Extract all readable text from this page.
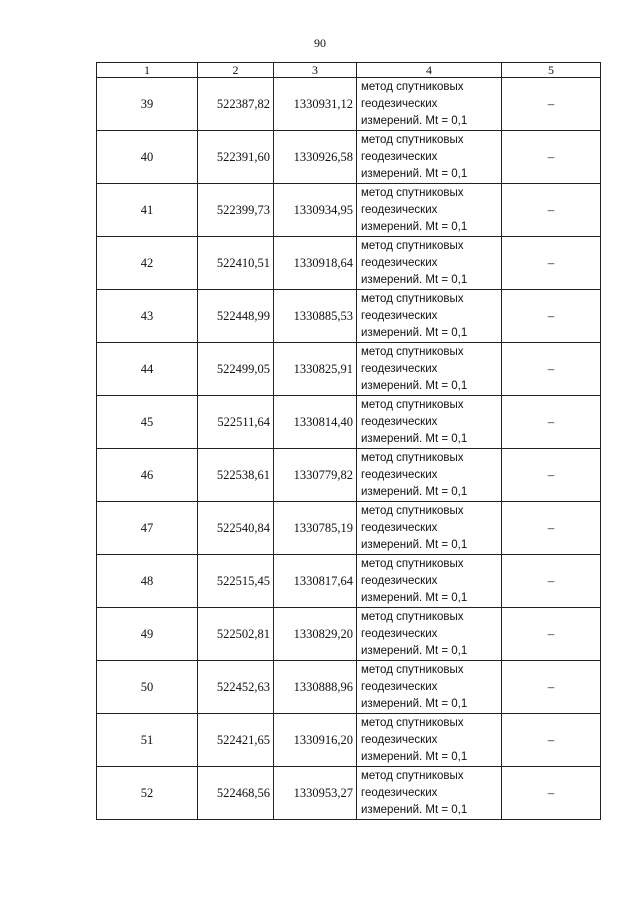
90
1	2	3	4	5
39	522387,82	1330931,12	метод спутниковых
геодезических
измерений. Mt = 0,1	–
40	522391,60	1330926,58	метод спутниковых
геодезических
измерений. Mt = 0,1	–
41	522399,73	1330934,95	метод спутниковых
геодезических
измерений. Mt = 0,1	–
42	522410,51	1330918,64	метод спутниковых
геодезических
измерений. Mt = 0,1	–
43	522448,99	1330885,53	метод спутниковых
геодезических
измерений. Mt = 0,1	–
44	522499,05	1330825,91	метод спутниковых
геодезических
измерений. Mt = 0,1	–
45	522511,64	1330814,40	метод спутниковых
геодезических
измерений. Mt = 0,1	–
46	522538,61	1330779,82	метод спутниковых
геодезических
измерений. Mt = 0,1	–
47	522540,84	1330785,19	метод спутниковых
геодезических
измерений. Mt = 0,1	–
48	522515,45	1330817,64	метод спутниковых
геодезических
измерений. Mt = 0,1	–
49	522502,81	1330829,20	метод спутниковых
геодезических
измерений. Mt = 0,1	–
50	522452,63	1330888,96	метод спутниковых
геодезических
измерений. Mt = 0,1	–
51	522421,65	1330916,20	метод спутниковых
геодезических
измерений. Mt = 0,1	–
52	522468,56	1330953,27	метод спутниковых
геодезических
измерений. Mt = 0,1	–
